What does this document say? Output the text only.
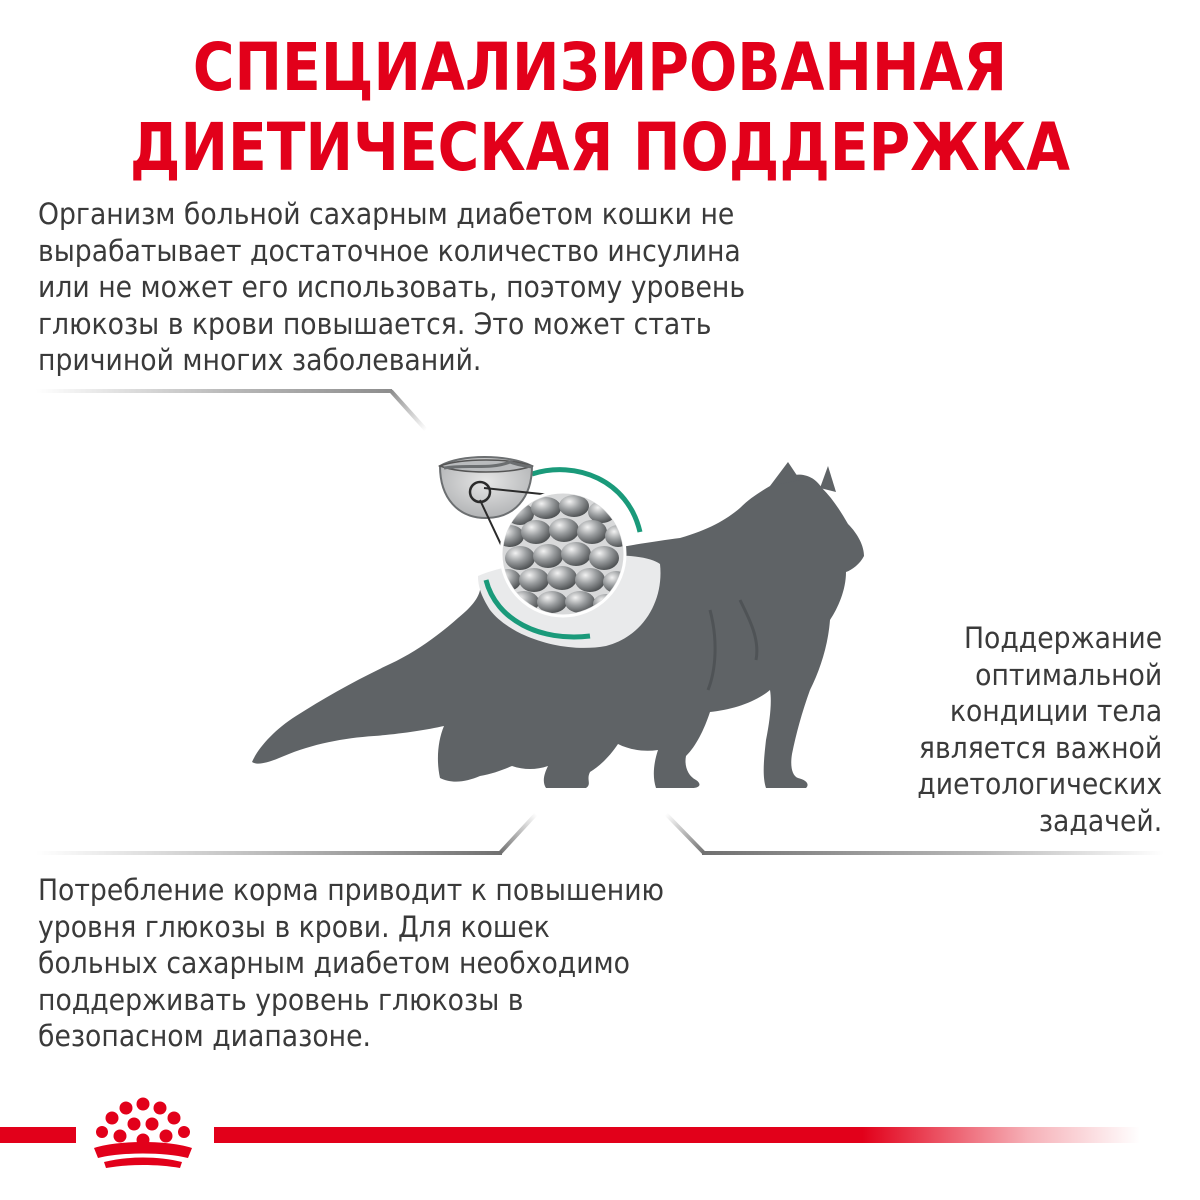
СПЕЦИАЛИЗИРОВАННАЯ
ДИЕТИЧЕСКАЯ ПОДДЕРЖКА
Организм больной сахарным диабетом кошки не
вырабатывает достаточное количество инсулина
или не может его использовать, поэтому уровень
глюкозы в крови повышается. Это может стать
причиной многих заболеваний.
Поддержание
оптимальной
кондиции тела
является важной
диетологических
задачей.
Потребление корма приводит к повышению
уровня глюкозы в крови. Для кошек
больных сахарным диабетом необходимо
поддерживать уровень глюкозы в
безопасном диапазоне.
